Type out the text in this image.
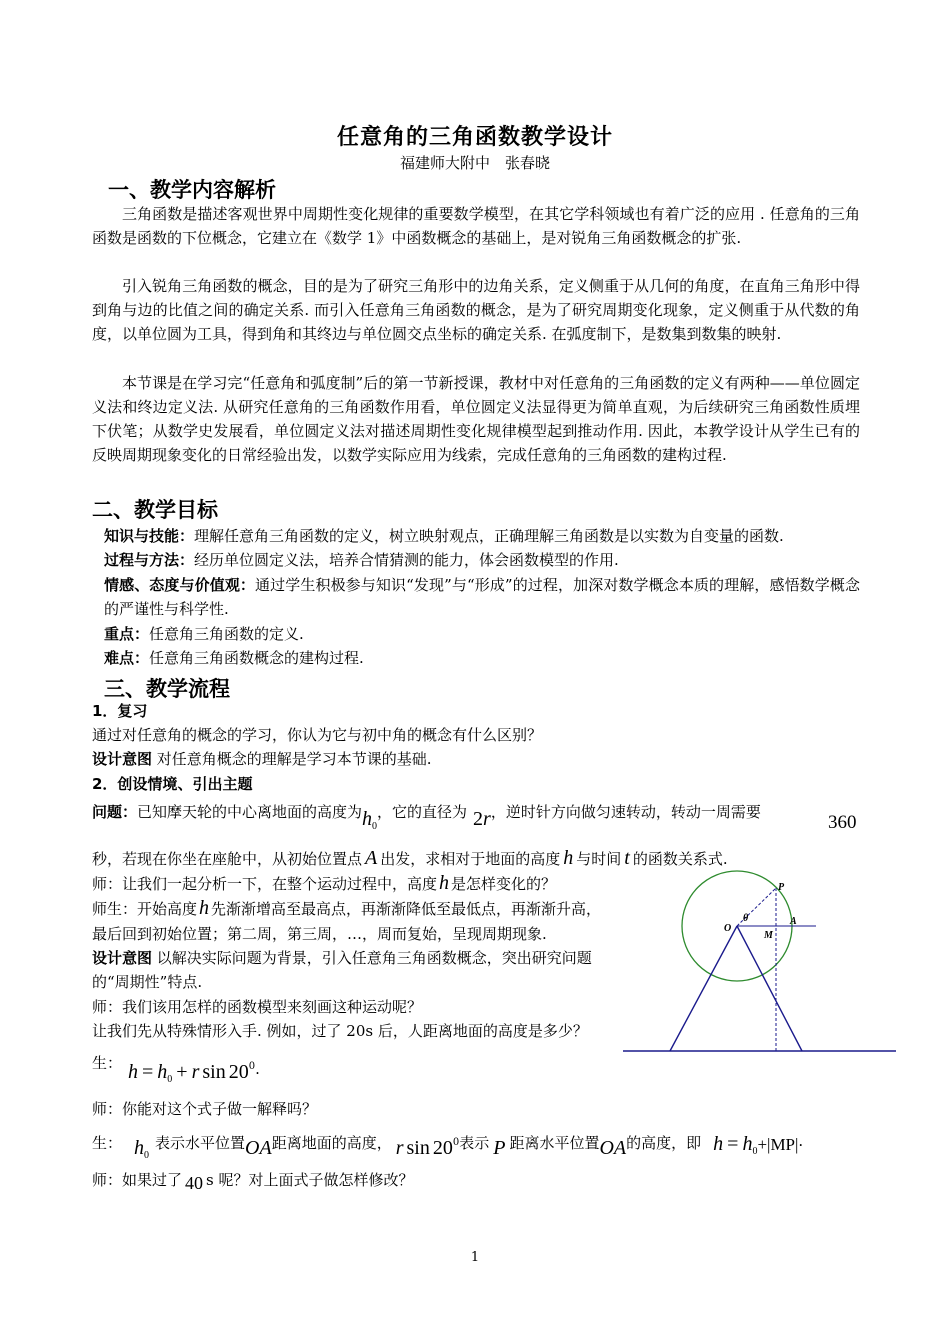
任意角的三角函数教学设计
福建师大附中　张春晓
一、教学内容解析

三角函数是描述客观世界中周期性变化规律的重要数学模型，在其它学科领域也有着广泛的应用 . 任意角的三角函数是函数的下位概念，它建立在《数学 1》中函数概念的基础上，是对锐角三角函数概念的扩张.

引入锐角三角函数的概念，目的是为了研究三角形中的边角关系，定义侧重于从几何的角度，在直角三角形中得到角与边的比值之间的确定关系. 而引入任意角三角函数的概念，是为了研究周期变化现象，定义侧重于从代数的角度，以单位圆为工具，得到角和其终边与单位圆交点坐标的确定关系. 在弧度制下，是数集到数集的映射.

本节课是在学习完“任意角和弧度制”后的第一节新授课，教材中对任意角的三角函数的定义有两种——单位圆定义法和终边定义法. 从研究任意角的三角函数作用看，单位圆定义法显得更为简单直观，为后续研究三角函数性质埋下伏笔；从数学史发展看，单位圆定义法对描述周期性变化规律模型起到推动作用. 因此，本教学设计从学生已有的反映周期现象变化的日常经验出发，以数学实际应用为线索，完成任意角的三角函数的建构过程.

二、教学目标

知识与技能：理解任意角三角函数的定义，树立映射观点，正确理解三角函数是以实数为自变量的函数.

过程与方法：经历单位圆定义法，培养合情猜测的能力，体会函数模型的作用.

情感、态度与价值观：通过学生积极参与知识“发现”与“形成”的过程，加深对数学概念本质的理解，感悟数学概念的严谨性与科学性.

重点：任意角三角函数的定义.

难点：任意角三角函数概念的建构过程.

三、教学流程
1．复习
通过对任意角的概念的学习，你认为它与初中角的概念有什么区别？
设计意图 对任意角概念的理解是学习本节课的基础.
2．创设情境、引出主题
问题：已知摩天轮的中心离地面的高度为$h_0$，它的直径为 2r，逆时针方向做匀速转动，转动一周需要	360
秒，若现在你坐在座舱中，从初始位置点 A 出发，求相对于地面的高度 h 与时间 t 的函数关系式.
师：让我们一起分析一下，在整个运动过程中，高度 h 是怎样变化的？
师生：开始高度 h 先渐渐增高至最高点，再渐渐降低至最低点，再渐渐升高，
最后回到初始位置；第二周，第三周，…，周而复始，呈现周期现象.
设计意图 以解决实际问题为背景，引入任意角三角函数概念，突出研究问题
的“周期性”特点.
师：我们该用怎样的函数模型来刻画这种运动呢？
让我们先从特殊情形入手. 例如，过了 20s 后，人距离地面的高度是多少？
生： $h = h_0 + r$ $\sin 20^0\cdot$
师：你能对这个式子做一解释吗？
生： $h_0$表示水平位置OA距离地面的高度， r $\sin 20^0$表示 P 距离水平位置OA的高度，即 $h = h_0+|MP|\cdot$
师：如果过了 40 s 呢？对上面式子做怎样修改？
P
O
A
M
θ
1
